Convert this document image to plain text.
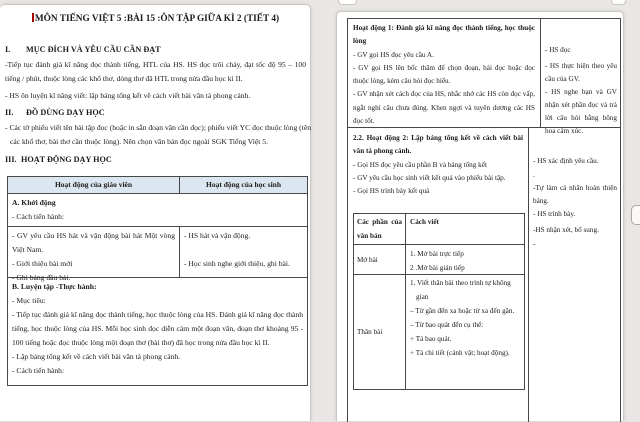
MÔN TIẾNG VIỆT 5 :BÀI 15 :ÔN TẬP GIỮA KÌ 2 (TIẾT 4)
I. MỤC ĐÍCH VÀ YÊU CẦU CẦN ĐẠT
-Tiếp tục đánh giá kĩ năng đọc thành tiếng, HTL của HS. HS đọc trôi chảy, đạt tốc độ 95 – 100 tiếng / phút, thuộc lòng các khổ thơ, dòng thơ đã HTL trong nửa đầu học kì II.
- HS ôn luyện kĩ năng viết: lập bảng tổng kết về cách viết bài văn tả phong cảnh.
II. ĐỒ DÙNG DẠY HỌC
- Các tờ phiếu viết tên bài tập đọc (hoặc in sẵn đoạn văn cần đọc); phiếu viết YC đọc thuộc lòng (tên các khổ thơ, bài thơ cần thuộc lòng). Nên chọn văn bản đọc ngoài SGK Tiếng Việt 5.
III. HOẠT ĐỘNG DẠY HỌC
Hoạt động của giáo viên	Hoạt động của học sinh
A. Khởi động
- Cách tiến hành:
- GV yêu cầu HS hát và vận động bài hát Một vòng Việt Nam.
- Giới thiệu bài mới
- Ghi bảng đầu bài.
- HS hát và vận động.
- Học sinh nghe giới thiệu, ghi bài.
B. Luyện tập -Thực hành:
- Mục tiêu:
- Tiếp tục đánh giá kĩ năng đọc thành tiếng, học thuộc lòng của HS. Đánh giá kĩ năng đọc thành tiếng, học thuộc lòng của HS. Mỗi học sinh đọc diễn cảm một đoạn văn, đoạn thơ khoảng 95 - 100 tiếng hoặc đọc thuộc lòng một đoạn thơ (bài thơ) đã học trong nửa đầu học kì II.
- Lập bảng tổng kết về cách viết bài văn tả phong cảnh.
- Cách tiến hành:
Hoạt động 1: Đánh giá kĩ năng đọc thành tiếng, học thuộc lòng
- GV gọi HS đọc yêu cầu A.
- GV gọi HS lên bốc thăm để chọn đoạn, bài đọc hoặc đọc thuộc lòng, kèm câu hỏi đọc hiểu.
- GV nhận xét cách đọc của HS, nhắc nhở các HS còn đọc vấp, ngắt nghỉ câu chưa đúng. Khen ngợi và tuyên dương các HS đọc tốt.
- HS đọc
- HS thực hiện theo yêu cầu của GV.
- HS nghe bạn và GV nhận xét phần đọc và trả lời câu hỏi bằng bông hoa cảm xúc.
2.2. Hoạt động 2: Lập bảng tổng kết về cách viết bài văn tả phong cảnh.
- Gọi HS đọc yêu cầu phần B và bảng tổng kết
- GV yêu cầu học sinh viết kết quả vào phiếu bài tập.
- Gọi HS trình bày kết quả
Các phần của văn bản
Cách viết
Mở bài
1. Mở bài trực tiếp
2 .Mở bài gián tiếp
Thân bài
1. Viết thân bài theo trình tự không gian
– Từ gần đến xa hoặc từ xa đến gần.
– Từ bao quát đến cụ thể:
+ Tả bao quát.
+ Tả chi tiết (cảnh vật; hoạt động).
- HS xác định yêu cầu.
.
-Tự làm cá nhân hoàn thiện bảng.
- HS trình bày.
-HS nhận xét, bổ sung.
-
